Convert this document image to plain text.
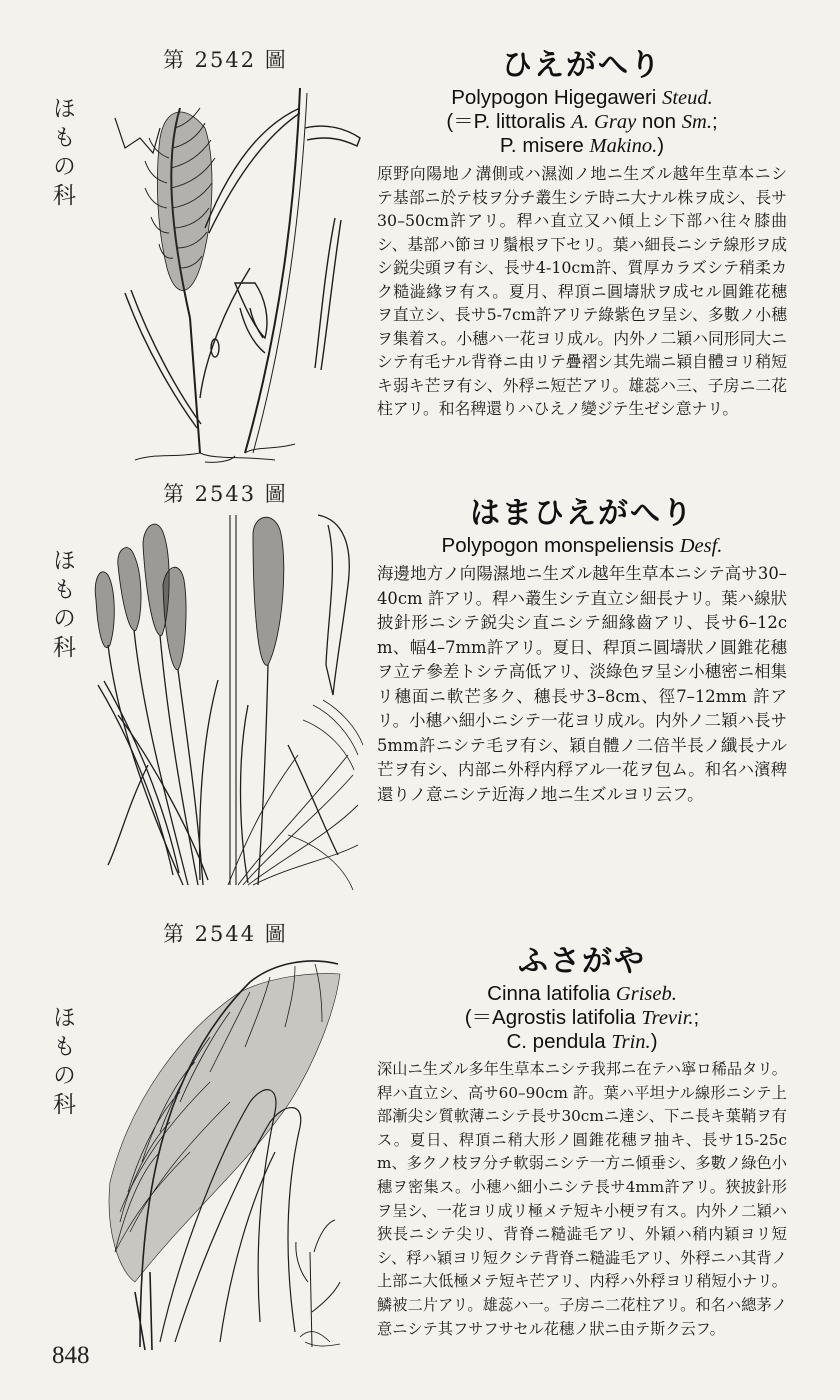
第 2542 圖
ほもの科
ひえがへり
Polypogon Higegaweri Steud.
(＝P. littoralis A. Gray non Sm.;
P. misere Makino.)
原野向陽地ノ溝側或ハ濕洳ノ地ニ生ズル越年生草本ニシテ基部ニ於テ枝ヲ分チ叢生シテ時ニ大ナル株ヲ成シ、長サ30–50cm許アリ。稈ハ直立又ハ傾上シ下部ハ往々膝曲シ、基部ハ節ヨリ鬚根ヲ下セリ。葉ハ細長ニシテ線形ヲ成シ鋭尖頭ヲ有シ、長サ4-10cm許、質厚カラズシテ稍柔カク糙澁緣ヲ有ス。夏月、稈頂ニ圓壔狀ヲ成セル圓錐花穗ヲ直立シ、長サ5-7cm許アリテ綠紫色ヲ呈シ、多數ノ小穗ヲ集着ス。小穗ハ一花ヨリ成ル。内外ノ二穎ハ同形同大ニシテ有毛ナル背脊ニ由リテ疊褶シ其先端ニ穎自體ヨリ稍短キ弱キ芒ヲ有シ、外稃ニ短芒アリ。雄蕊ハ三、子房ニ二花柱アリ。和名稗還りハひえノ變ジテ生ゼシ意ナリ。
第 2543 圖
ほもの科
はまひえがへり
Polypogon monspeliensis Desf.
海邊地方ノ向陽濕地ニ生ズル越年生草本ニシテ高サ30–40cm 許アリ。稈ハ叢生シテ直立シ細長ナリ。葉ハ線狀披針形ニシテ鋭尖シ直ニシテ細緣齒アリ、長サ6–12cm、幅4–7mm許アリ。夏日、稈頂ニ圓壔狀ノ圓錐花穗ヲ立テ參差トシテ高低アリ、淡綠色ヲ呈シ小穗密ニ相集リ穗面ニ軟芒多ク、穗長サ3–8cm、徑7–12mm 許アリ。小穗ハ細小ニシテ一花ヨリ成ル。内外ノ二穎ハ長サ5mm許ニシテ毛ヲ有シ、穎自體ノ二倍半長ノ纖長ナル芒ヲ有シ、内部ニ外稃内稃アル一花ヲ包ム。和名ハ濱稗還りノ意ニシテ近海ノ地ニ生ズルヨリ云フ。
第 2544 圖
ほもの科
ふさがや
Cinna latifolia Griseb.
(＝Agrostis latifolia Trevir.;
C. pendula Trin.)
深山ニ生ズル多年生草本ニシテ我邦ニ在テハ寧ロ稀品タリ。稈ハ直立シ、高サ60–90cm 許。葉ハ平坦ナル線形ニシテ上部漸尖シ質軟薄ニシテ長サ30cmニ達シ、下ニ長キ葉鞘ヲ有ス。夏日、稈頂ニ稍大形ノ圓錐花穗ヲ抽キ、長サ15-25cm、多クノ枝ヲ分チ軟弱ニシテ一方ニ傾垂シ、多數ノ綠色小穗ヲ密集ス。小穗ハ細小ニシテ長サ4mm許アリ。狹披針形ヲ呈シ、一花ヨリ成リ極メテ短キ小梗ヲ有ス。内外ノ二穎ハ狹長ニシテ尖リ、背脊ニ糙澁毛アリ、外穎ハ稍内穎ヨリ短シ、稃ハ穎ヨリ短クシテ背脊ニ糙澁毛アリ、外稃ニハ其背ノ上部ニ大低極メテ短キ芒アリ、内稃ハ外稃ヨリ稍短小ナリ。鱗被二片アリ。雄蕊ハ一。子房ニ二花柱アリ。和名ハ總茅ノ意ニシテ其フサフサセル花穗ノ狀ニ由テ斯ク云フ。
848
